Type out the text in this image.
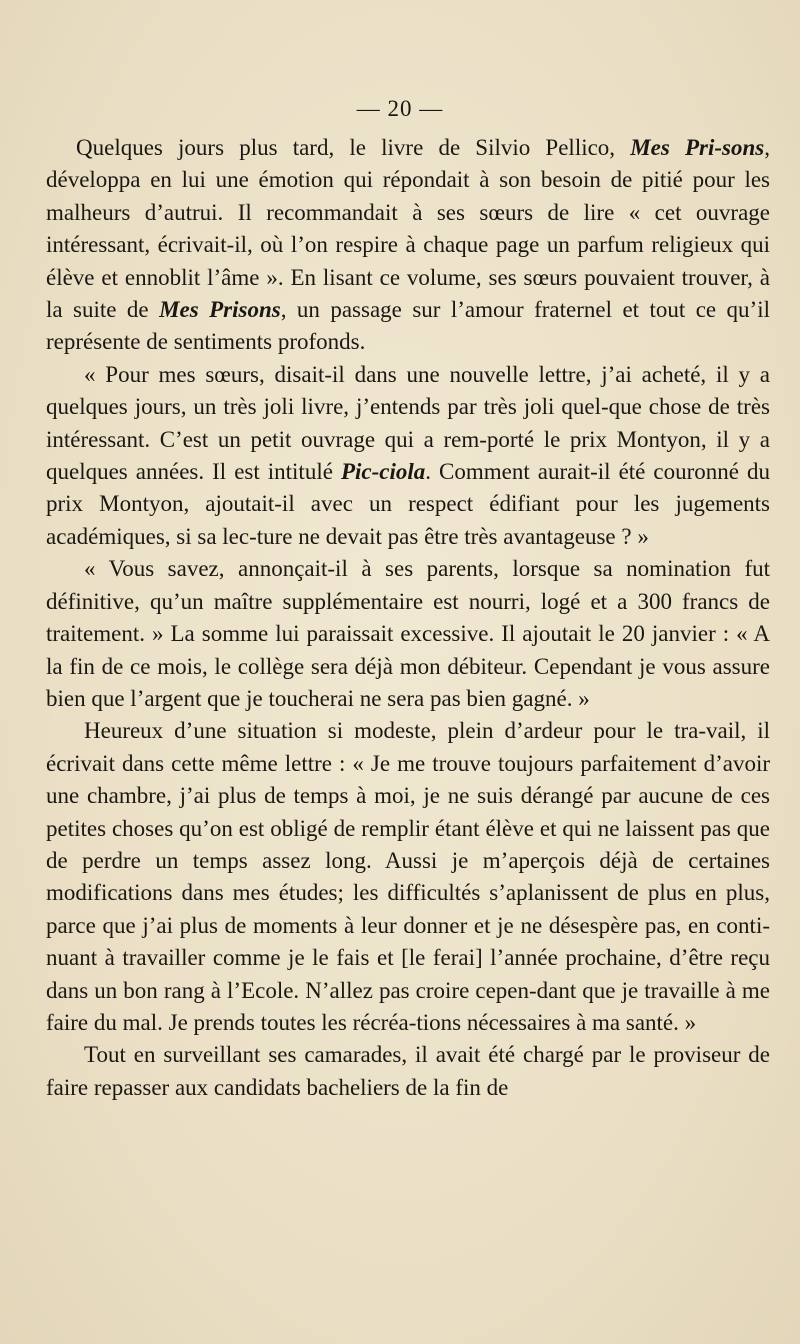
— 20 —

Quelques jours plus tard, le livre de Silvio Pellico, Mes Pri-sons, développa en lui une émotion qui répondait à son besoin de pitié pour les malheurs d’autrui. Il recommandait à ses sœurs de lire « cet ouvrage intéressant, écrivait-il, où l’on respire à chaque page un parfum religieux qui élève et ennoblit l’âme ». En lisant ce volume, ses sœurs pouvaient trouver, à la suite de Mes Prisons, un passage sur l’amour fraternel et tout ce qu’il représente de sentiments profonds.

« Pour mes sœurs, disait-il dans une nouvelle lettre, j’ai acheté, il y a quelques jours, un très joli livre, j’entends par très joli quel-que chose de très intéressant. C’est un petit ouvrage qui a rem-porté le prix Montyon, il y a quelques années. Il est intitulé Pic-ciola. Comment aurait-il été couronné du prix Montyon, ajoutait-il avec un respect édifiant pour les jugements académiques, si sa lec-ture ne devait pas être très avantageuse ? »

« Vous savez, annonçait-il à ses parents, lorsque sa nomination fut définitive, qu’un maître supplémentaire est nourri, logé et a 300 francs de traitement. » La somme lui paraissait excessive. Il ajoutait le 20 janvier : « A la fin de ce mois, le collège sera déjà mon débiteur. Cependant je vous assure bien que l’argent que je toucherai ne sera pas bien gagné. »

Heureux d’une situation si modeste, plein d’ardeur pour le tra-vail, il écrivait dans cette même lettre : « Je me trouve toujours parfaitement d’avoir une chambre, j’ai plus de temps à moi, je ne suis dérangé par aucune de ces petites choses qu’on est obligé de remplir étant élève et qui ne laissent pas que de perdre un temps assez long. Aussi je m’aperçois déjà de certaines modifications dans mes études; les difficultés s’aplanissent de plus en plus, parce que j’ai plus de moments à leur donner et je ne désespère pas, en conti-nuant à travailler comme je le fais et [le ferai] l’année prochaine, d’être reçu dans un bon rang à l’Ecole. N’allez pas croire cepen-dant que je travaille à me faire du mal. Je prends toutes les récréa-tions nécessaires à ma santé. »

Tout en surveillant ses camarades, il avait été chargé par le proviseur de faire repasser aux candidats bacheliers de la fin de
